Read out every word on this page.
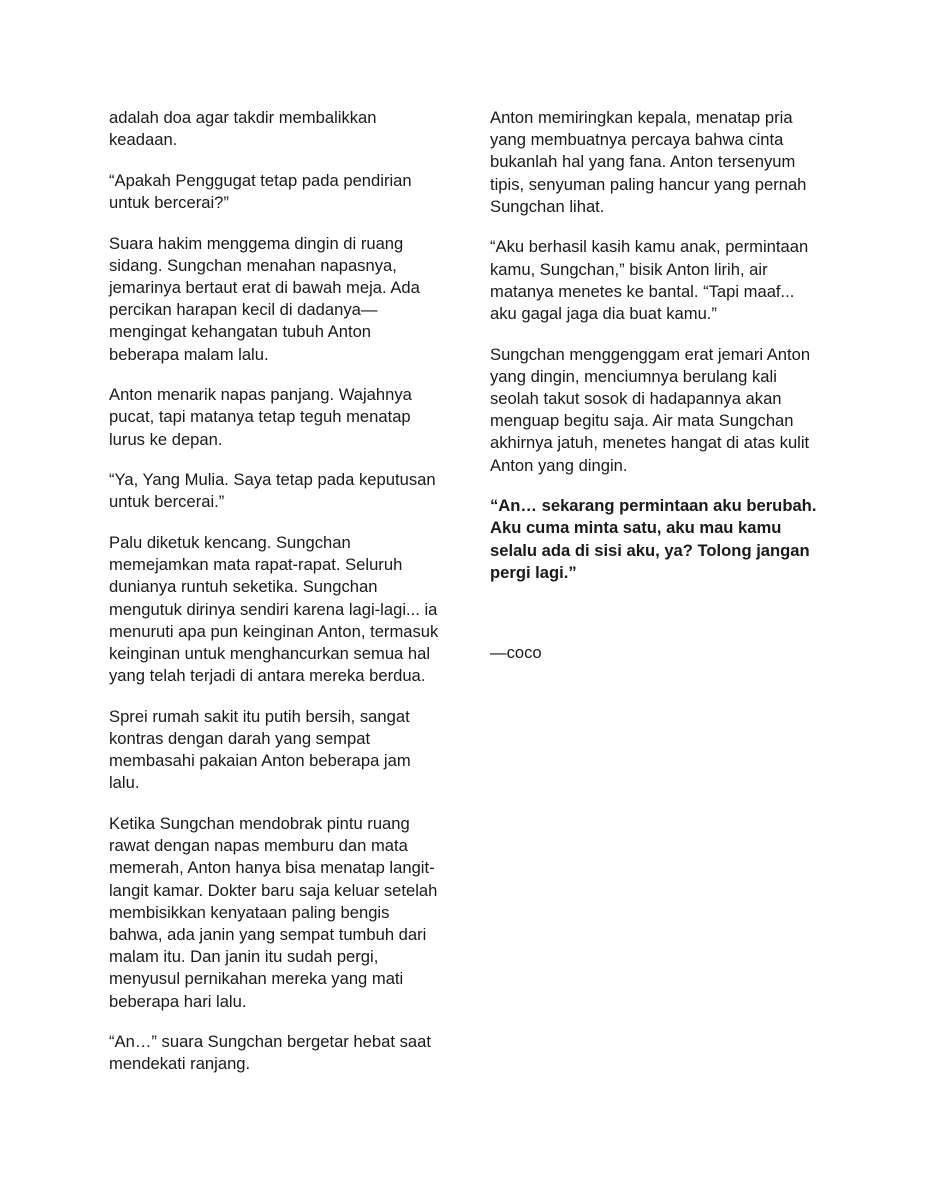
adalah doa agar takdir membalikkan keadaan.

“Apakah Penggugat tetap pada pendirian untuk bercerai?”

Suara hakim menggema dingin di ruang sidang. Sungchan menahan napasnya, jemarinya bertaut erat di bawah meja. Ada percikan harapan kecil di dadanya—mengingat kehangatan tubuh Anton beberapa malam lalu.

Anton menarik napas panjang. Wajahnya pucat, tapi matanya tetap teguh menatap lurus ke depan.

“Ya, Yang Mulia. Saya tetap pada keputusan untuk bercerai.”

Palu diketuk kencang. Sungchan memejamkan mata rapat-rapat. Seluruh dunianya runtuh seketika. Sungchan mengutuk dirinya sendiri karena lagi-lagi... ia menuruti apa pun keinginan Anton, termasuk keinginan untuk menghancurkan semua hal yang telah terjadi di antara mereka berdua.

Sprei rumah sakit itu putih bersih, sangat kontras dengan darah yang sempat membasahi pakaian Anton beberapa jam lalu.

Ketika Sungchan mendobrak pintu ruang rawat dengan napas memburu dan mata memerah, Anton hanya bisa menatap langit-langit kamar. Dokter baru saja keluar setelah membisikkan kenyataan paling bengis bahwa, ada janin yang sempat tumbuh dari malam itu. Dan janin itu sudah pergi, menyusul pernikahan mereka yang mati beberapa hari lalu.

“An…” suara Sungchan bergetar hebat saat mendekati ranjang.

Anton memiringkan kepala, menatap pria yang membuatnya percaya bahwa cinta bukanlah hal yang fana. Anton tersenyum tipis, senyuman paling hancur yang pernah Sungchan lihat.

“Aku berhasil kasih kamu anak, permintaan kamu, Sungchan,” bisik Anton lirih, air matanya menetes ke bantal. “Tapi maaf... aku gagal jaga dia buat kamu.”

Sungchan menggenggam erat jemari Anton yang dingin, menciumnya berulang kali seolah takut sosok di hadapannya akan menguap begitu saja. Air mata Sungchan akhirnya jatuh, menetes hangat di atas kulit Anton yang dingin.

“An… sekarang permintaan aku berubah. Aku cuma minta satu, aku mau kamu selalu ada di sisi aku, ya? Tolong jangan pergi lagi.”

—coco
